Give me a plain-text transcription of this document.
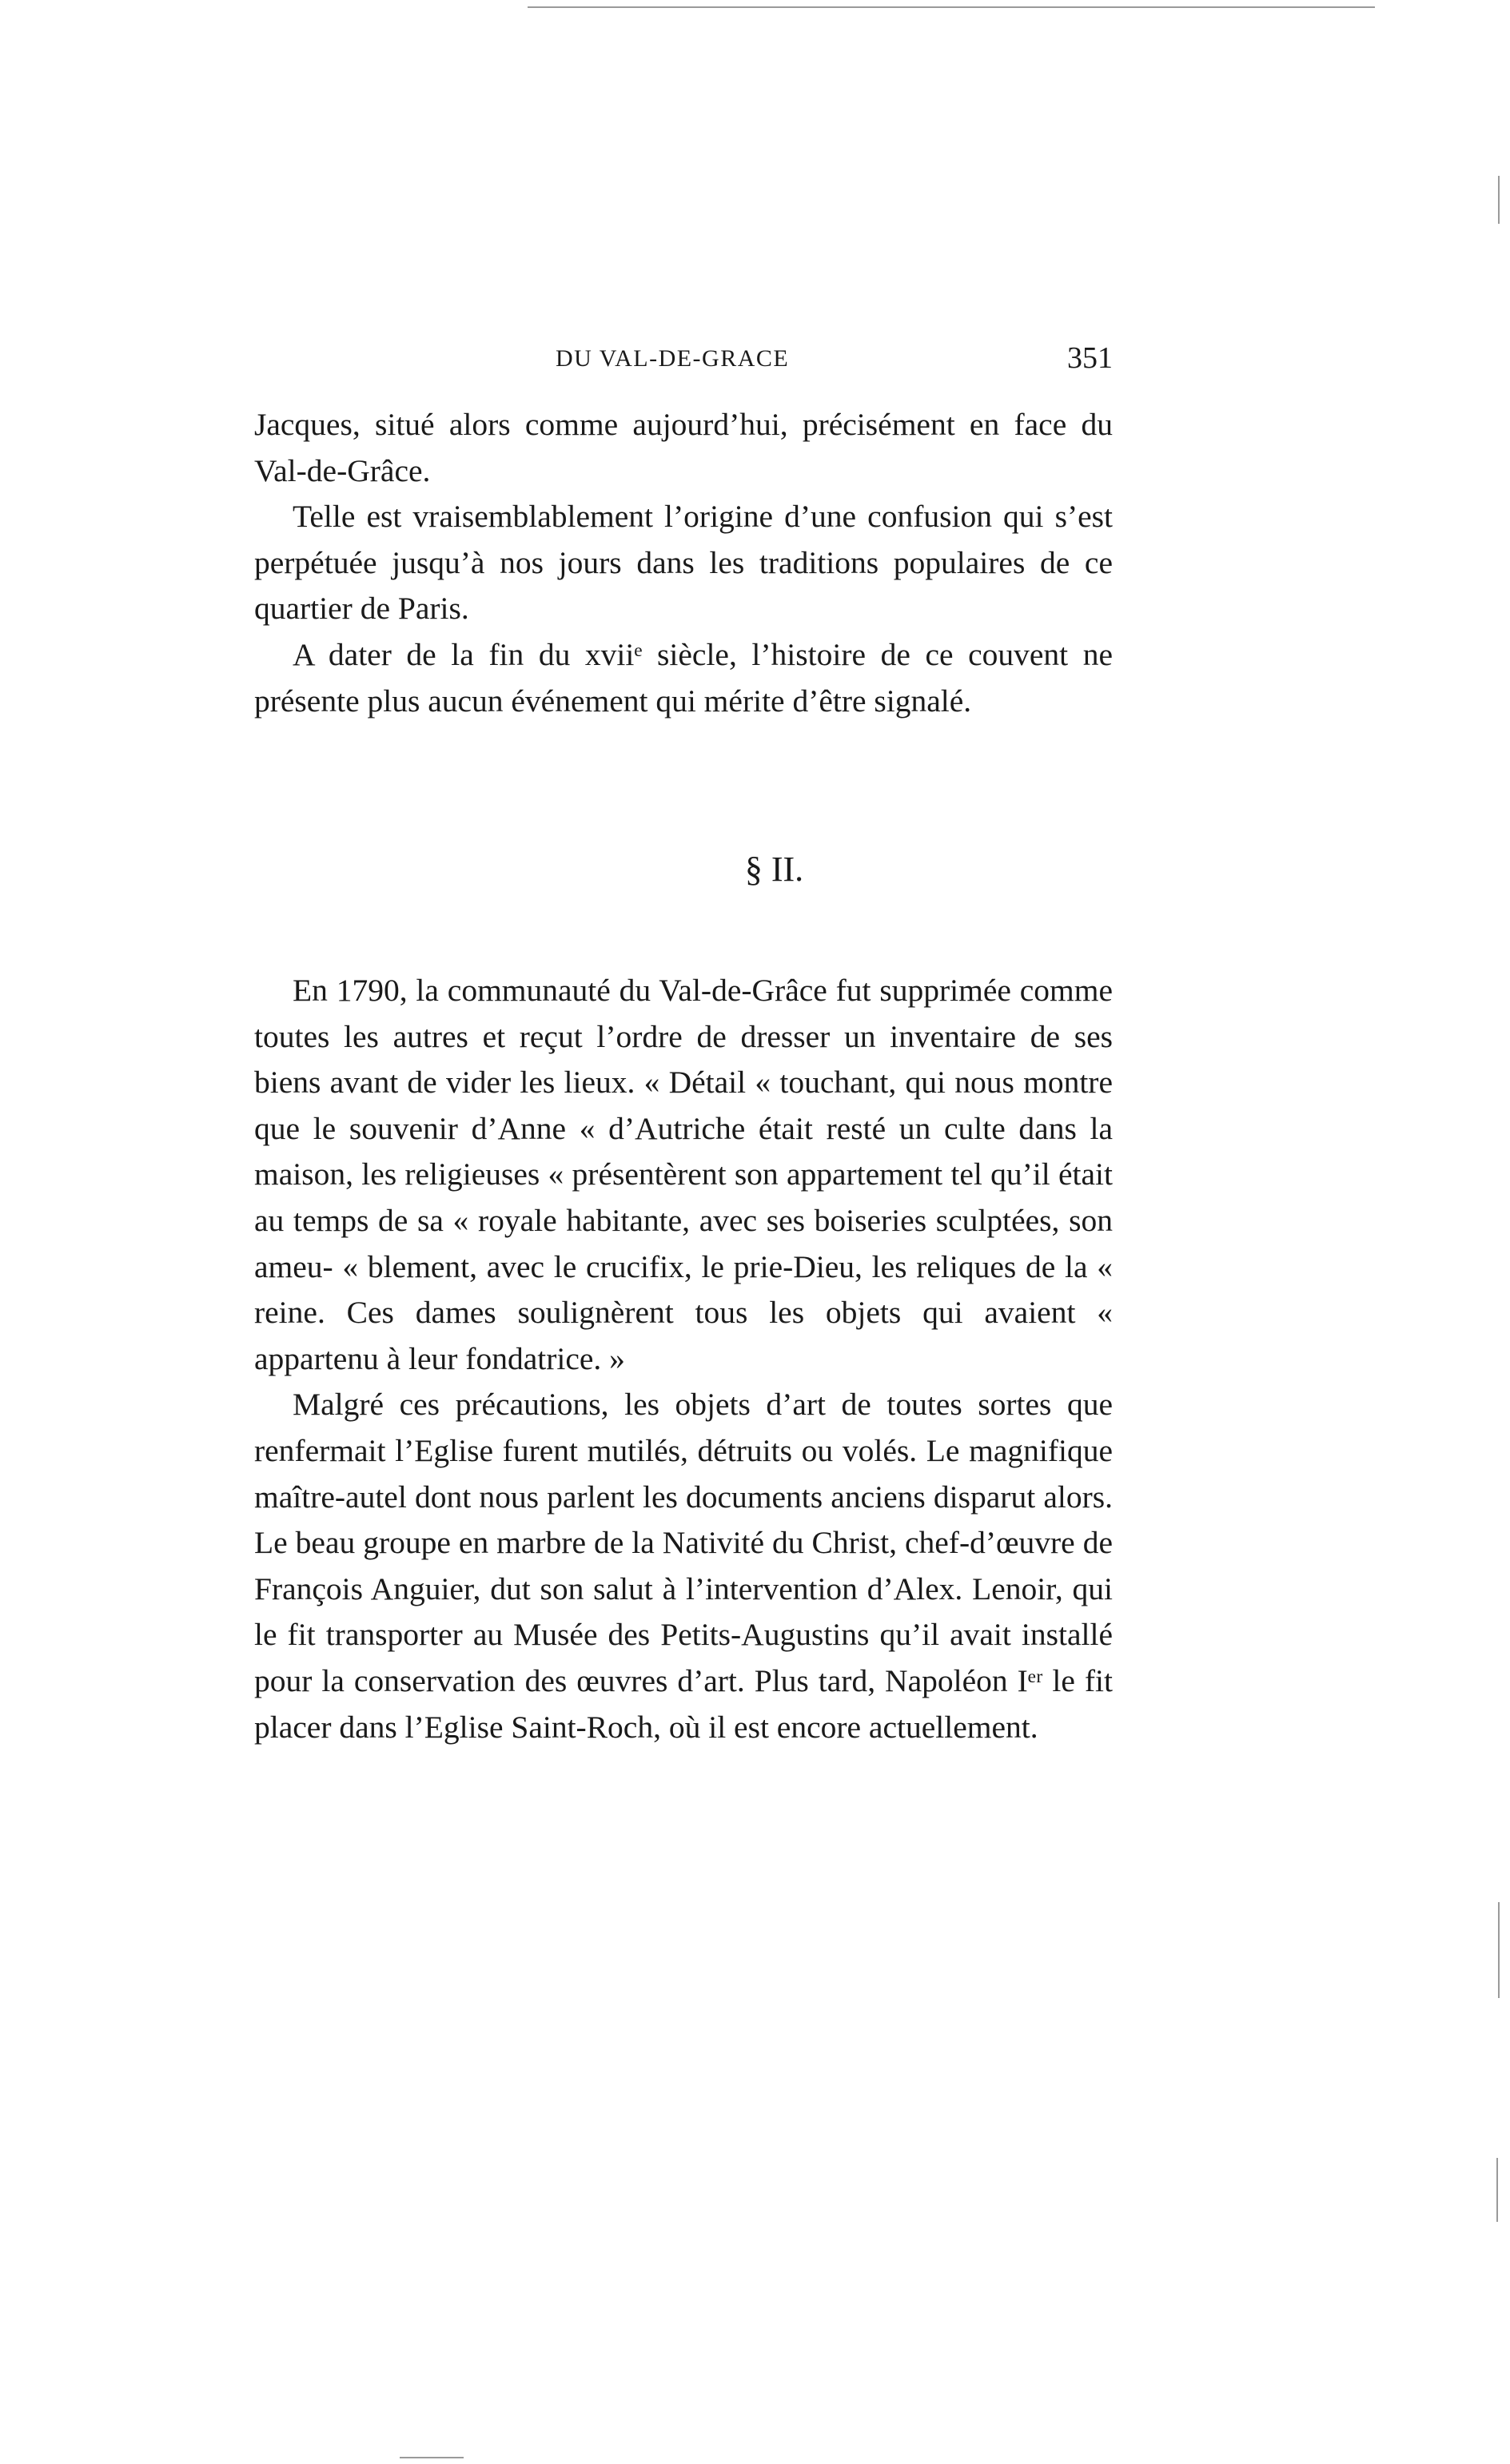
DU VAL-DE-GRACE	351

Jacques, situé alors comme aujourd’hui, précisément en face du Val-de-Grâce.

Telle est vraisemblablement l’origine d’une confusion qui s’est perpétuée jusqu’à nos jours dans les traditions populaires de ce quartier de Paris.

A dater de la fin du xviiᵉ siècle, l’histoire de ce couvent ne présente plus aucun événement qui mérite d’être signalé.

§ II.

En 1790, la communauté du Val-de-Grâce fut supprimée comme toutes les autres et reçut l’ordre de dresser un inventaire de ses biens avant de vider les lieux. « Détail « touchant, qui nous montre que le souvenir d’Anne « d’Autriche était resté un culte dans la maison, les religieuses « présentèrent son appartement tel qu’il était au temps de sa « royale habitante, avec ses boiseries sculptées, son ameu- « blement, avec le crucifix, le prie-Dieu, les reliques de la « reine. Ces dames soulignèrent tous les objets qui avaient « appartenu à leur fondatrice. »

Malgré ces précautions, les objets d’art de toutes sortes que renfermait l’Eglise furent mutilés, détruits ou volés. Le magnifique maître-autel dont nous parlent les documents anciens disparut alors. Le beau groupe en marbre de la Nativité du Christ, chef-d’œuvre de François Anguier, dut son salut à l’intervention d’Alex. Lenoir, qui le fit transporter au Musée des Petits-Augustins qu’il avait installé pour la conservation des œuvres d’art. Plus tard, Napoléon Iᵉʳ le fit placer dans l’Eglise Saint-Roch, où il est encore actuellement.
